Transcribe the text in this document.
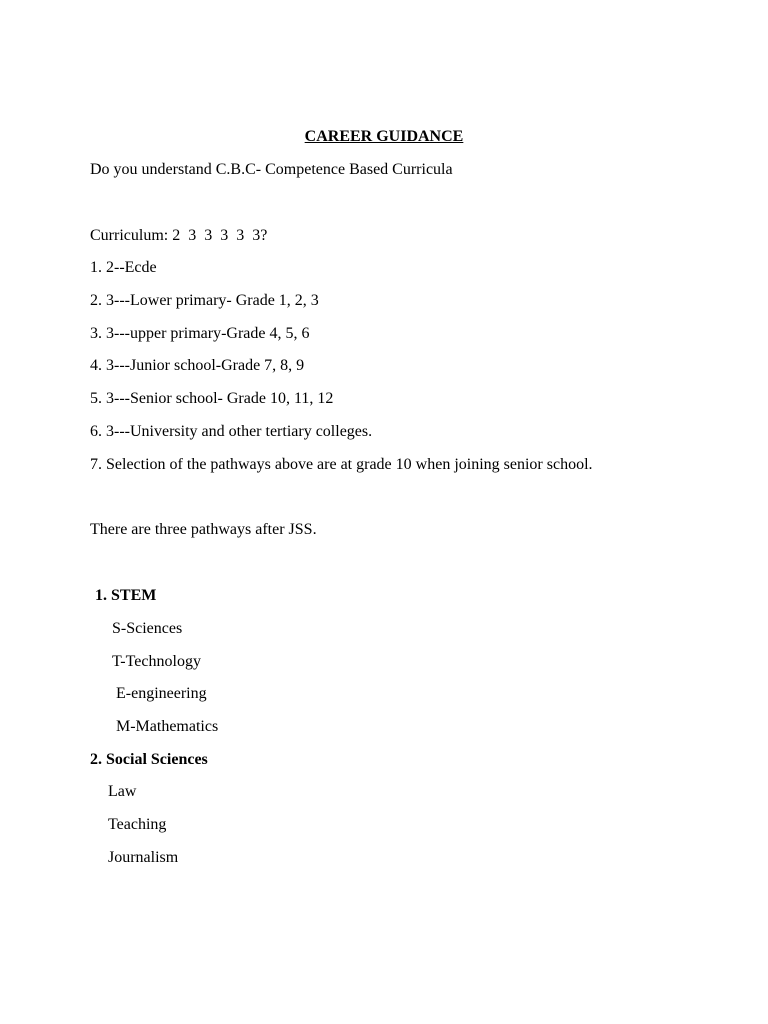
CAREER GUIDANCE
Do you understand C.B.C- Competence Based Curricula
Curriculum: 2  3  3  3  3  3?
1. 2--Ecde
2. 3---Lower primary- Grade 1, 2, 3
3. 3---upper primary-Grade 4, 5, 6
4. 3---Junior school-Grade 7, 8, 9
5. 3---Senior school- Grade 10, 11, 12
6. 3---University and other tertiary colleges.
7. Selection of the pathways above are at grade 10 when joining senior school.
There are three pathways after JSS.
1. STEM
S-Sciences
T-Technology
E-engineering
M-Mathematics
2. Social Sciences
Law
Teaching
Journalism
